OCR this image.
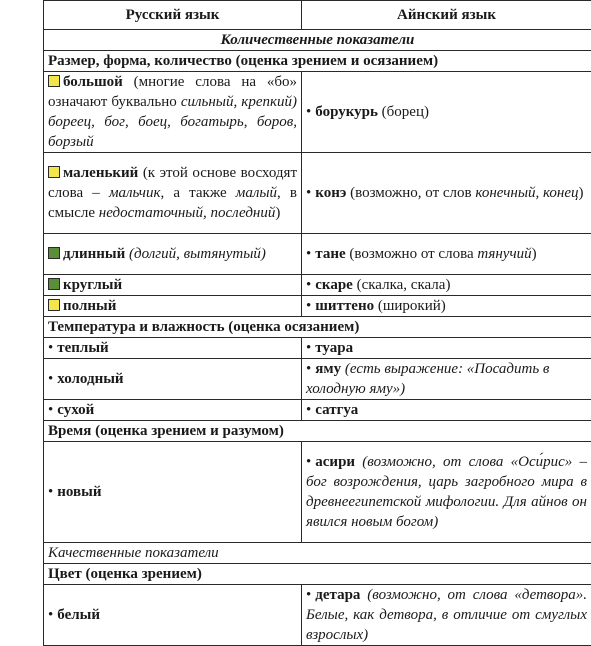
Русский язык	Айнский язык
Количественные показатели	
Размер, форма, количество (оценка зрением и осязанием)	
большой (многие слова на «бо» означают буквально сильный, крепкий) бореец, бог, боец, богатырь, боров, борзый	• борукурь (борец)
маленький (к этой основе восходят слова – мальчик, а также малый, в смысле недостаточный, последний)	• конэ (возможно, от слов конечный, конец)
длинный (долгий, вытянутый)	•тане (возможно от слова тянучий)
круглый	•скаре (скалка, скала)
полный	•шиттено (широкий)
Температура и влажность (оценка осязанием)	
• теплый	•туара
• холодный	• яму (есть выражение: «Посадить в холодную яму»)
• сухой	•сатгуа
Время (оценка зрением и разумом)	
• новый	• асири (возможно, от слова «Оси́рис» – бог возрождения, царь загробного мира в древнеегипетской мифологии. Для айнов он явился новым богом)
Качественные показатели	
Цвет (оценка зрением)	
• белый	• детара (возможно, от слова «детвора». Белые, как детвора, в отличие от смуглых взрослых)
